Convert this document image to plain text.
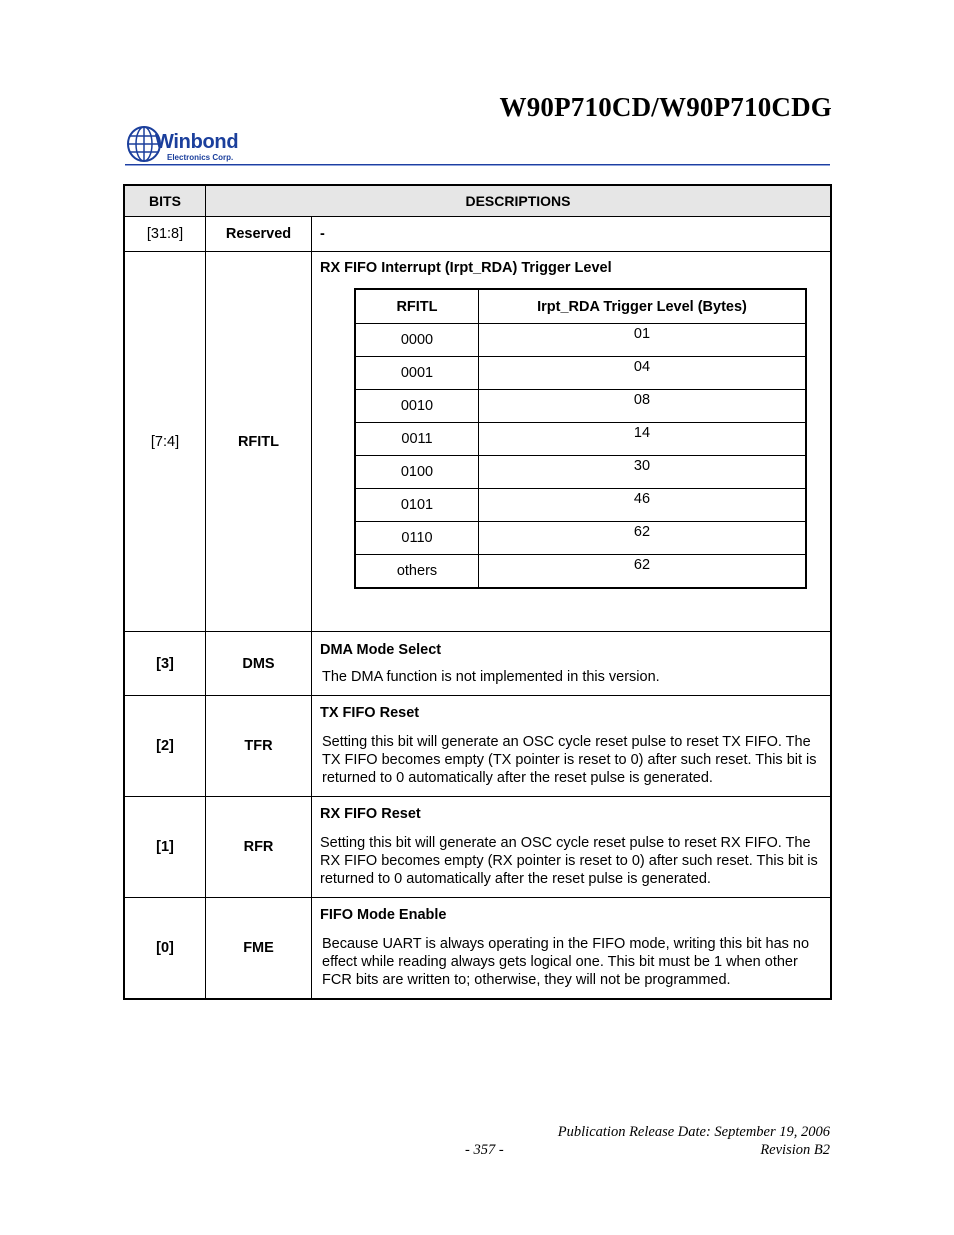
W90P710CD/W90P710CDG
Winbond
Electronics Corp.
BITS	DESCRIPTIONS
[31:8]	Reserved	-
[7:4]	RFITL	
RX FIFO Interrupt (Irpt_RDA) Trigger Level
RFITL	Irpt_RDA Trigger Level (Bytes)
0000	01
0001	04
0010	08
0011	14
0100	30
0101	46
0110	62
others	62

[3]	DMS	
DMA Mode Select
The DMA function is not implemented in this version.

[2]	TFR	
TX FIFO Reset
Setting this bit will generate an OSC cycle reset pulse to reset TX FIFO. The TX FIFO becomes empty (TX pointer is reset to 0) after such reset. This bit is returned to 0 automatically after the reset pulse is generated.

[1]	RFR	
RX FIFO Reset
Setting this bit will generate an OSC cycle reset pulse to reset RX FIFO. The RX FIFO becomes empty (RX pointer is reset to 0) after such reset. This bit is returned to 0 automatically after the reset pulse is generated.

[0]	FME	
FIFO Mode Enable
Because UART is always operating in the FIFO mode, writing this bit has no effect while reading always gets logical one. This bit must be 1 when other FCR bits are written to; otherwise, they will not be programmed.
Publication Release Date: September 19, 2006
- 357 -	Revision B2
